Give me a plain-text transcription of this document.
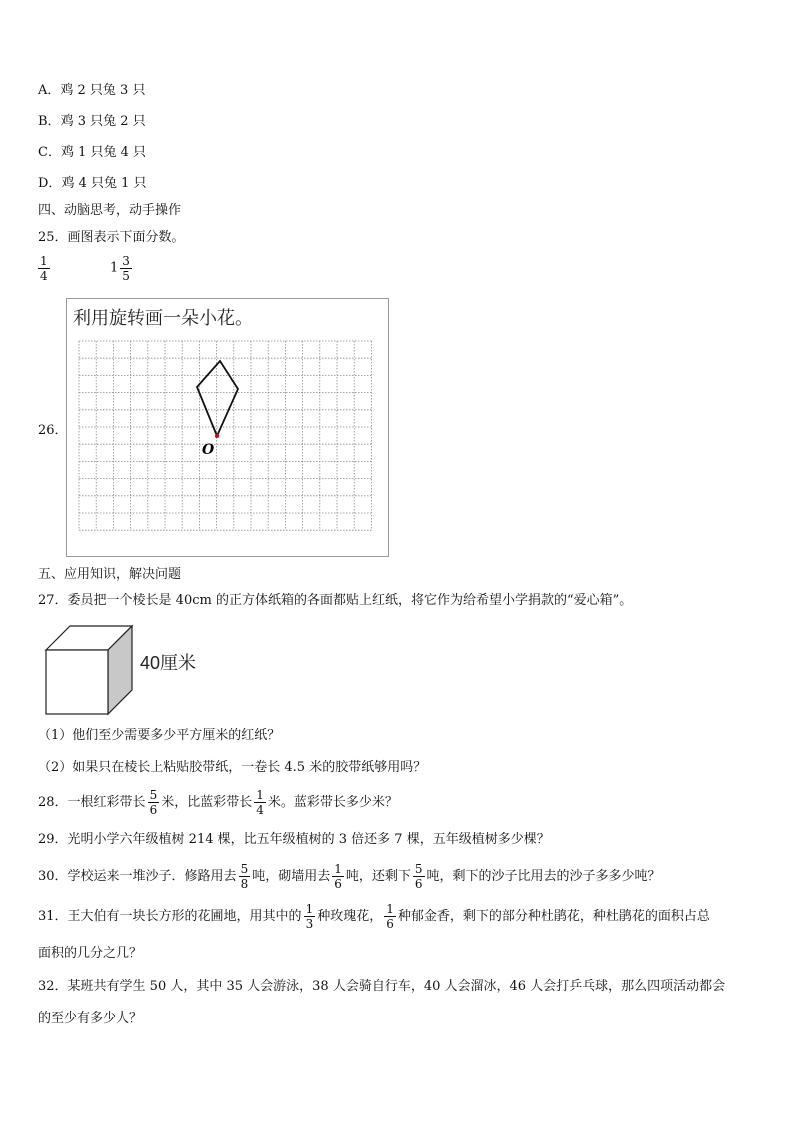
A．鸡 2 只兔 3 只
B．鸡 3 只兔 2 只
C．鸡 1 只兔 4 只
D．鸡 4 只兔 1 只
四、动脑思考，动手操作
25．画图表示下面分数。
$\frac{1}{4}$	$1 \frac{3}{5}$
26．
利用旋转画一朵小花。
O
五、应用知识，解决问题
27．委员把一个棱长是 40cm 的正方体纸箱的各面都贴上红纸，将它作为给希望小学捐款的“爱心箱”。
40厘米
（1）他们至少需要多少平方厘米的红纸？
（2）如果只在棱长上粘贴胶带纸，一卷长 4.5 米的胶带纸够用吗？
28．一根红彩带长 $\frac{5}{6}$ 米，比蓝彩带长 $\frac{1}{4}$ 米。蓝彩带长多少米？
29．光明小学六年级植树 214 棵，比五年级植树的 3 倍还多 7 棵，五年级植树多少棵？
30．学校运来一堆沙子．修路用去 $\frac{5}{8}$ 吨，砌墙用去 $\frac{1}{6}$ 吨，还剩下 $\frac{5}{6}$ 吨，剩下的沙子比用去的沙子多多少吨？
31．王大伯有一块长方形的花圃地，用其中的 $\frac{1}{3}$ 种玫瑰花， $\frac{1}{6}$ 种郁金香，剩下的部分种杜鹃花，种杜鹃花的面积占总
面积的几分之几？
32．某班共有学生 50 人，其中 35 人会游泳，38 人会骑自行车，40 人会溜冰，46 人会打乒乓球，那么四项活动都会
的至少有多少人？
